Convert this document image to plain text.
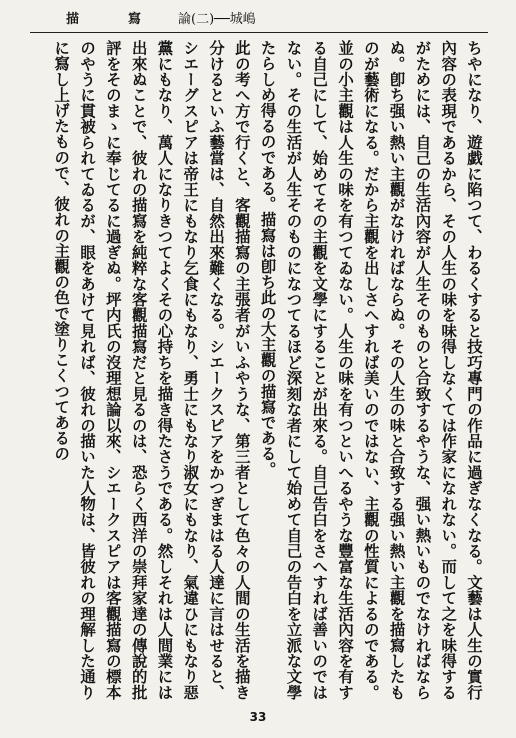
描	寫	論(二)──城嶋

ちやになり、遊戯に陷つて、わるくすると技巧專門の作品に過ぎなくなる。文藝は人生の實行內容の表現であるから、その人生の味を味得しなくては作家になれない。而して之を味得するがためには、自己の生活內容が人生そのものと合致するやうな、强い熱いものでなければならぬ。卽ち强い熱い主觀がなければならぬ。その人生の味と合致する强い熱い主觀を描寫したものが藝術になる。だから主觀を出しさへすれば美いのではない、主觀の性質によるのである。並の小主觀は人生の味を有つてゐない。人生の味を有つといへるやうな豐富な生活內容を有する自己にして、始めてその主觀を文學にすることが出來る。自己告白をさへすれば善いのではない。その生活が人生そのものになつてるほど深刻な者にして始めて自己の告白を立派な文學たらしめ得るのである。描寫は卽ち此の大主觀の描寫である。

此の考へ方で行くと、客觀描寫の主張者がいふやうな、第三者として色々の人間の生活を描き分けるといふ藝當は、自然出來難くなる。シエークスピアをかつぎまはる人達に言はせると、シエーグスピアは帝王にもなり乞食にもなり、勇士にもなり淑女にもなり、氣違ひにもなり惡黨にもなり、萬人になりきつてよくその心持ちを描き得たさうである。然しそれは人間業には出來ぬことで、彼れの描寫を純粹な客觀描寫だと見るのは、恐らく西洋の崇拜家達の傳說的批評をそのまゝに奉じてるに過ぎぬ。坪内氏の沒理想論以來、シエークスピアは客觀描寫の標本のやうに貫被られてゐるが、眼をあけて見れば、彼れの描いた人物は、皆彼れの理解した通りに寫し上げたもので、彼れの主觀の色で塗りこくつてあるの

33
